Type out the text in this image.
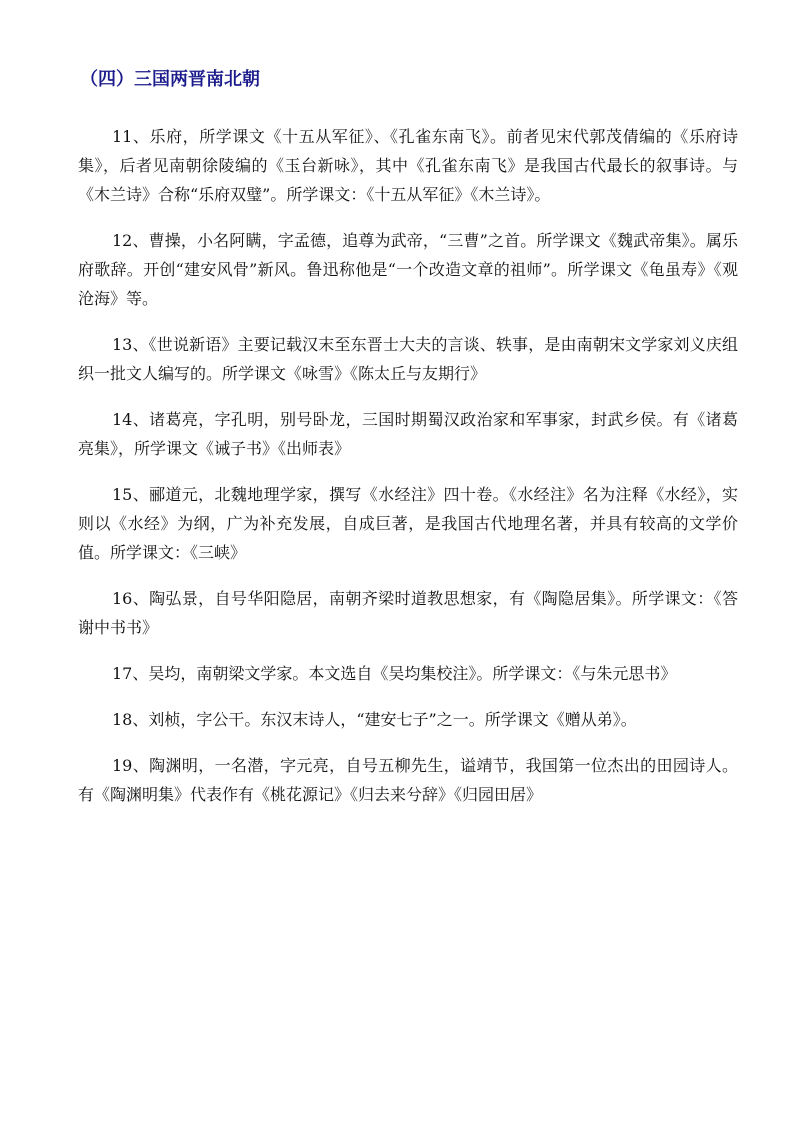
（四）三国两晋南北朝

11、乐府，所学课文《十五从军征》、《孔雀东南飞》。前者见宋代郭茂倩编的《乐府诗集》，后者见南朝徐陵编的《玉台新咏》，其中《孔雀东南飞》是我国古代最长的叙事诗。与《木兰诗》合称“乐府双璧”。所学课文：《十五从军征》《木兰诗》。

12、曹操，小名阿瞒，字孟德，追尊为武帝，“三曹”之首。所学课文《魏武帝集》。属乐府歌辞。开创“建安风骨”新风。鲁迅称他是“一个改造文章的祖师”。所学课文《龟虽寿》《观沧海》等。

13、《世说新语》主要记载汉末至东晋士大夫的言谈、轶事，是由南朝宋文学家刘义庆组织一批文人编写的。所学课文《咏雪》《陈太丘与友期行》

14、诸葛亮，字孔明，别号卧龙，三国时期蜀汉政治家和军事家，封武乡侯。有《诸葛亮集》，所学课文《诫子书》《出师表》

15、郦道元，北魏地理学家，撰写《水经注》四十卷。《水经注》名为注释《水经》，实则以《水经》为纲，广为补充发展，自成巨著，是我国古代地理名著，并具有较高的文学价值。所学课文：《三峡》

16、陶弘景，自号华阳隐居，南朝齐梁时道教思想家，有《陶隐居集》。所学课文：《答谢中书书》

17、吴均，南朝梁文学家。本文选自《吴均集校注》。所学课文：《与朱元思书》

18、刘桢，字公干。东汉末诗人，“建安七子”之一。所学课文《赠从弟》。

19、陶渊明，一名潜，字元亮，自号五柳先生，谥靖节，我国第一位杰出的田园诗人。有《陶渊明集》代表作有《桃花源记》《归去来兮辞》《归园田居》
